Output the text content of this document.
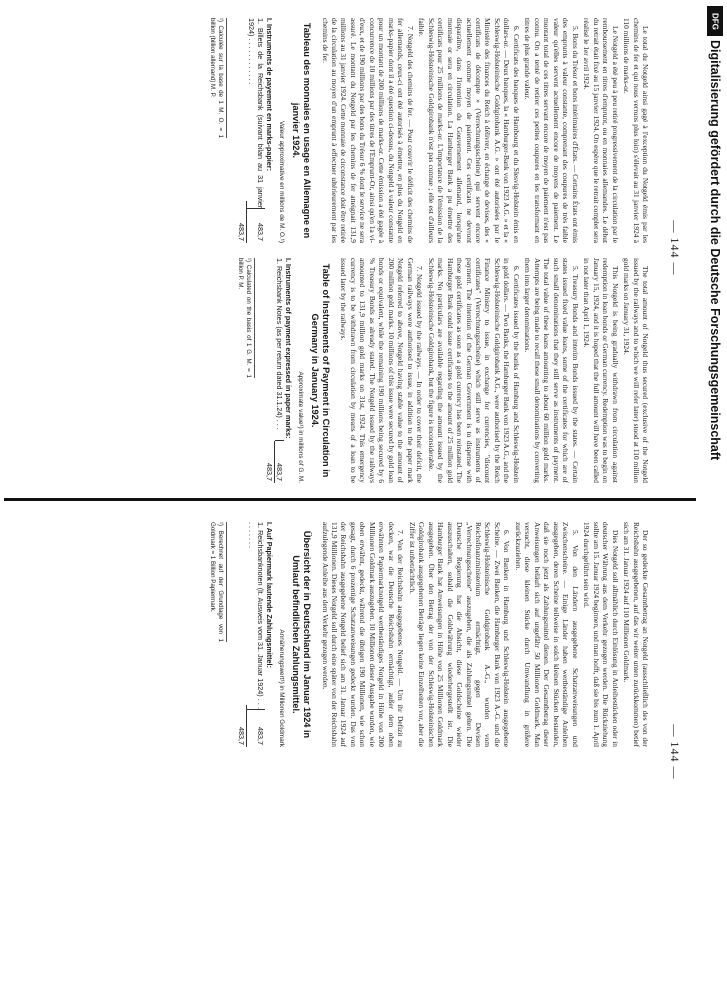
— 144 —

Le total du Notgeld ainsi gagé à l'exception du Notgeld émis par les chemins de fer et qui nous verrons plus loin) s'élevait au 31 janvier 1924 à 110 millions de marks-or.

Le Notgeld a été peu à peu retiré progressivement de la circulation par le remboursement en titres d'emprunt, ou en monnaies allemandes. Le début du retrait était fixé au 15 janvier 1924. On espère que le retrait complet sera réalisé le 1er avril 1924.

5. Bons du Trésor et bons intérimaires d'États. — Certains États ont émis des emprunts à valeur constante, comprenant des coupures de très faible valeur qu'elles servent actuellement encore de moyens de paiement. Le montant total de ces titres servant encore de moyen de paiement n'est pas connu. On a tenté de retirer ces petites coupures en les transformant en titres de plus grande valeur.

6. Certificats des banques de Hambourg et du Slesvig-Holstein émis en dollars-or. — Deux banques, la « Hamburger-Bank von 1923 A.G. » et la « Schleswig-Holsteinische Goldgirobank A.G. » ont été autorisées par le Ministère des finances du Reich à délivrer, en échange de devises, des « certificats de décompte » (Verrechnungsscheine) qui servent encore actuellement comme moyen de paiement. Ces certificats ne devront disparaître, dans l'intention du Gouvernement allemand, lorsqu'une monnaie or sera en circulation. La Hamburger Bank a pu émettre des certificats pour 25 millions de marks-or. L'importance de l'émission de la Schleswig-Holsteinische Goldgirobank n'est pas connue ; elle est d'ailleurs faible.

7. Notgeld des chemins de fer. — Pour couvrir le déficit des chemins de fer allemands, ceux-ci ont été autorisés à émettre, en plus du Notgeld en marks-papier dont il a été question ci-dessus, du Notgeld à valeur constante pour un montant de 200 millions de marks-or. Cette émission a été gagée à concurrence de 10 millions par des titres de l'Emprunt-Or, ainsi qu'en 1a vi-d'eux, et de 190 millions par des bons du Trésor 6 % dont le service ne sera assuré. Le montant du Notgeld par les chemins de fer atteignait 131,9 millions au 31 janvier 1924. Cette monnaie de circonstance doit être retirée de la circulation au moyen d'un emprunt à effectuer ultérieurement par les chemins de fer.

Tableau des monnaies en usage en Allemagne en janvier 1924.
Valeur approximative en millions de M. O.¹)
I. Instruments de payement en marks-papier:
1. Billets de la Reichsbank (suivant bilan au 31 janvier 1924) . . . . . . . . . . . .
483,7
483,7
¹) Calculée sur la base de 1 M. O. = 1 billion (billion allemand) M. P.

The total amount of Notgeld thus secured (exclusive of the Notgeld issued by the railways and to which we will refer later) stood at 110 million gold marks on January 31, 1924.

This Notgeld is being gradually withdrawn from circulation against redemption in loan bonds or German currency. Redemption was to begin on January 15, 1924, and it is hoped that the full amount will have been called in not later than April 1, 1924.

5. Treasury Bonds and interim Bonds issued by the states. — Certain states issued fixed value loans, some of the certificates for which are of such small denominations that they still serve as instruments of payment. The total value of these loans amounting to about 60 million gold marks. Attempts are being made to recall these small denominations by converting them into larger denominations.

6. Certificates issued by the banks of Hamburg and Schleswig-Holstein in gold dollars. — Two Banks, the Hamburger Bank von 1923 A.G., and the Schleswig-Holsteinische Goldgirobank A.G., were authorised by the Reich Finance Ministry to issue, in exchange for currencies, "discount certificates" (Verrechnungsscheine) which still serve as instruments of payment. The intention of the German Government is to dispense with these gold certificates as soon as a gold currency has been reinstated. The Hamburger Bank could issue certificates to the amount of 25 million gold marks. No particulars are available regarding the amount issued by the Schleswig-Holsteinische Goldgirobank, but the figure is inconsiderable.

7. Notgeld issued by the railways. — In order to cover their deficit, the German railways were authorised to issue, in addition to the paper mark Notgeld referred to above, Notgeld having stable value to the amount of 200 million gold marks. 10 millions of this issue were secured by gold loan bonds or equivalent, while the remaining 190 millions being secured by 6 % Treasury Bonds as already stated. The Notgeld issued by the railways amounted to 131,9 million gold marks on 31st, 1924. This emergency currency is to be withdrawn from circulation by means of a loan to be issued later by the railways.

Table of Instruments of Payment in Circulation in Germany in January 1924.
Approximate value¹) in millions of G. M.
I. Instruments of payment expressed in paper marks:
1. Reichsbank Notes (as per return dated 31.1.24) . . .
483,7
483,7
¹) Calculated on the basis of 1 G. M. = 1 billion P. M.
— 144 —

Der so gedeckte Gesamtbetrag an Notgeld (ausschließlich des von der Reichsbahn ausgegebenen, auf das wir weiter unten zurückkommen) betief sich am 31. Januar 1924 auf 110 Millionen Goldmark.

Dies Notgeld soll allmählich durch Einlösung in Anleihestücken oder in deutscher Währung aus dem Verkehr gezogen werden. Die Rückziehung sollte am 15. Januar 1924 beginnen, und man hofft, daß sie bis zum 1. April 1924 durchgeführt sein wird.

5. Von den Ländern ausgegebene Schatzanweisungen und Zwischenscheine. — Einige Länder haben wertbeständige Anleihen ausgegeben, deren Scheine teilweise in solch kleinen Stücken bestanden, daß sie noch jetzt als Zahlungsmittel dienen. Der Gesamtbetrag dieser Anweisungen beläuft sich auf ungefähr 50 Millionen Goldmark. Man versucht, diese kleinen Stücke durch Umwandlung in größere zurückzuziehen.

6. Von Banken in Hamburg und Schleswig-Holstein ausgegebene Scheine. — Zwei Banken, die Hamburger Bank von 1923 A.-G. und die Schleswig-Holsteinische Goldgirobank A.-G., wurden vom Reichsfinanzministerium ermächtigt, gegen Devisen „Verrechnungsscheine“ auszugeben, die als Zahlungsmittel gelten. Die Deutsche Regierung hat die Absicht, diese Goldscheine wieder auszuschalten, sobald die Goldwährung wiederhergestellt ist. Die Hamburger Bank hat Anweisungen in Höhe von 25 Millionen Goldmark ausgegeben. Über den Betrag der von der Schleswig-Holsteinischen Goldgirobank ausgegebenen Beträge liegen keine Einzelheiten vor, aber die Ziffer ist unbeträchtlich.

7. Von der Reichsbahn ausgegebenes Notgeld. — Um ihr Defizit zu decken, war die Deutsche Reichsbahn ermächtigt, außer dem oben erwähnten Papiermarknotgeld wertbeständiges Notgeld in Höhe von 200 Millionen Goldmark auszugeben. 10 Millionen dieser Ausgabe wurden, wie oben erwähnt, gedeckt, während die übrigen 190 Millionen, wie schon gesagt, durch 6 prozentige Schatzanweisungen gedeckt wurden. Das von der Reichsbahn ausgegebene Notgeld belief sich am 31. Januar 1924 auf 131,9 Millionen. Dieses Notgeld soll durch eine später von der Reichsbahn aufzulegende Anleihe aus dem Verkehr gezogen werden.

Übersicht der in Deutschland im Januar 1924 in Umlauf befindlichen Zahlungsmittel.
Annäherungswert¹) in Millionen Goldmark
I. Auf Papiermark lautende Zahlungsmittel:
1. Reichsbanknoten (lt. Ausweis vom 31. Januar 1924) . . . . . . . . . .
483,7
483,7
¹) Berechnet auf der Grundlage von 1 Goldmark = 1 Billion Papiermark.
DFG
Digitalisierung gefördert durch die Deutsche Forschungsgemeinschaft
